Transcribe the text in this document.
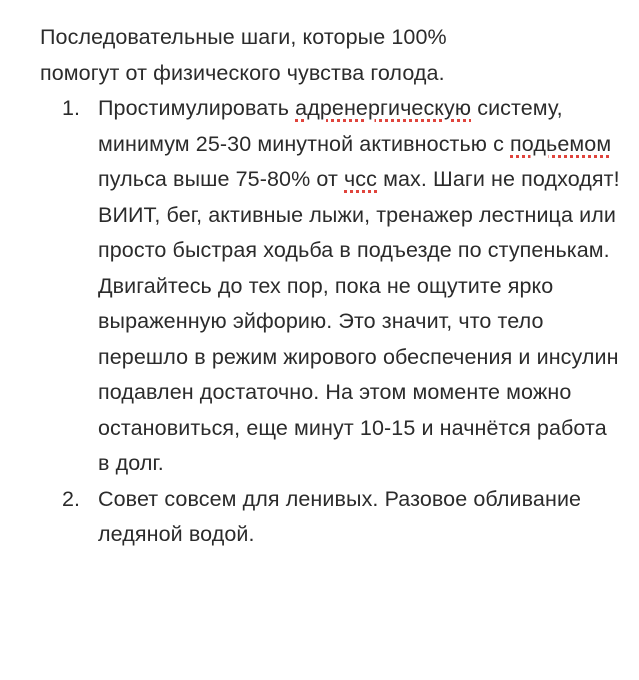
Последовательные шаги, которые 100%
помогут от физического чувства голода.

1. Простимулировать адренергическую систему, минимум 25-30 минутной активностью с подьемом пульса выше 75-80% от чсс мах. Шаги не подходят! ВИИТ, бег, активные лыжи, тренажер лестница или просто быстрая ходьба в подъезде по ступенькам. Двигайтесь до тех пор, пока не ощутите ярко выраженную эйфорию. Это значит, что тело перешло в режим жирового обеспечения и инсулин подавлен достаточно. На этом моменте можно остановиться, еще минут 10-15 и начнётся работа в долг.
2. Совет совсем для ленивых. Разовое обливание ледяной водой.
